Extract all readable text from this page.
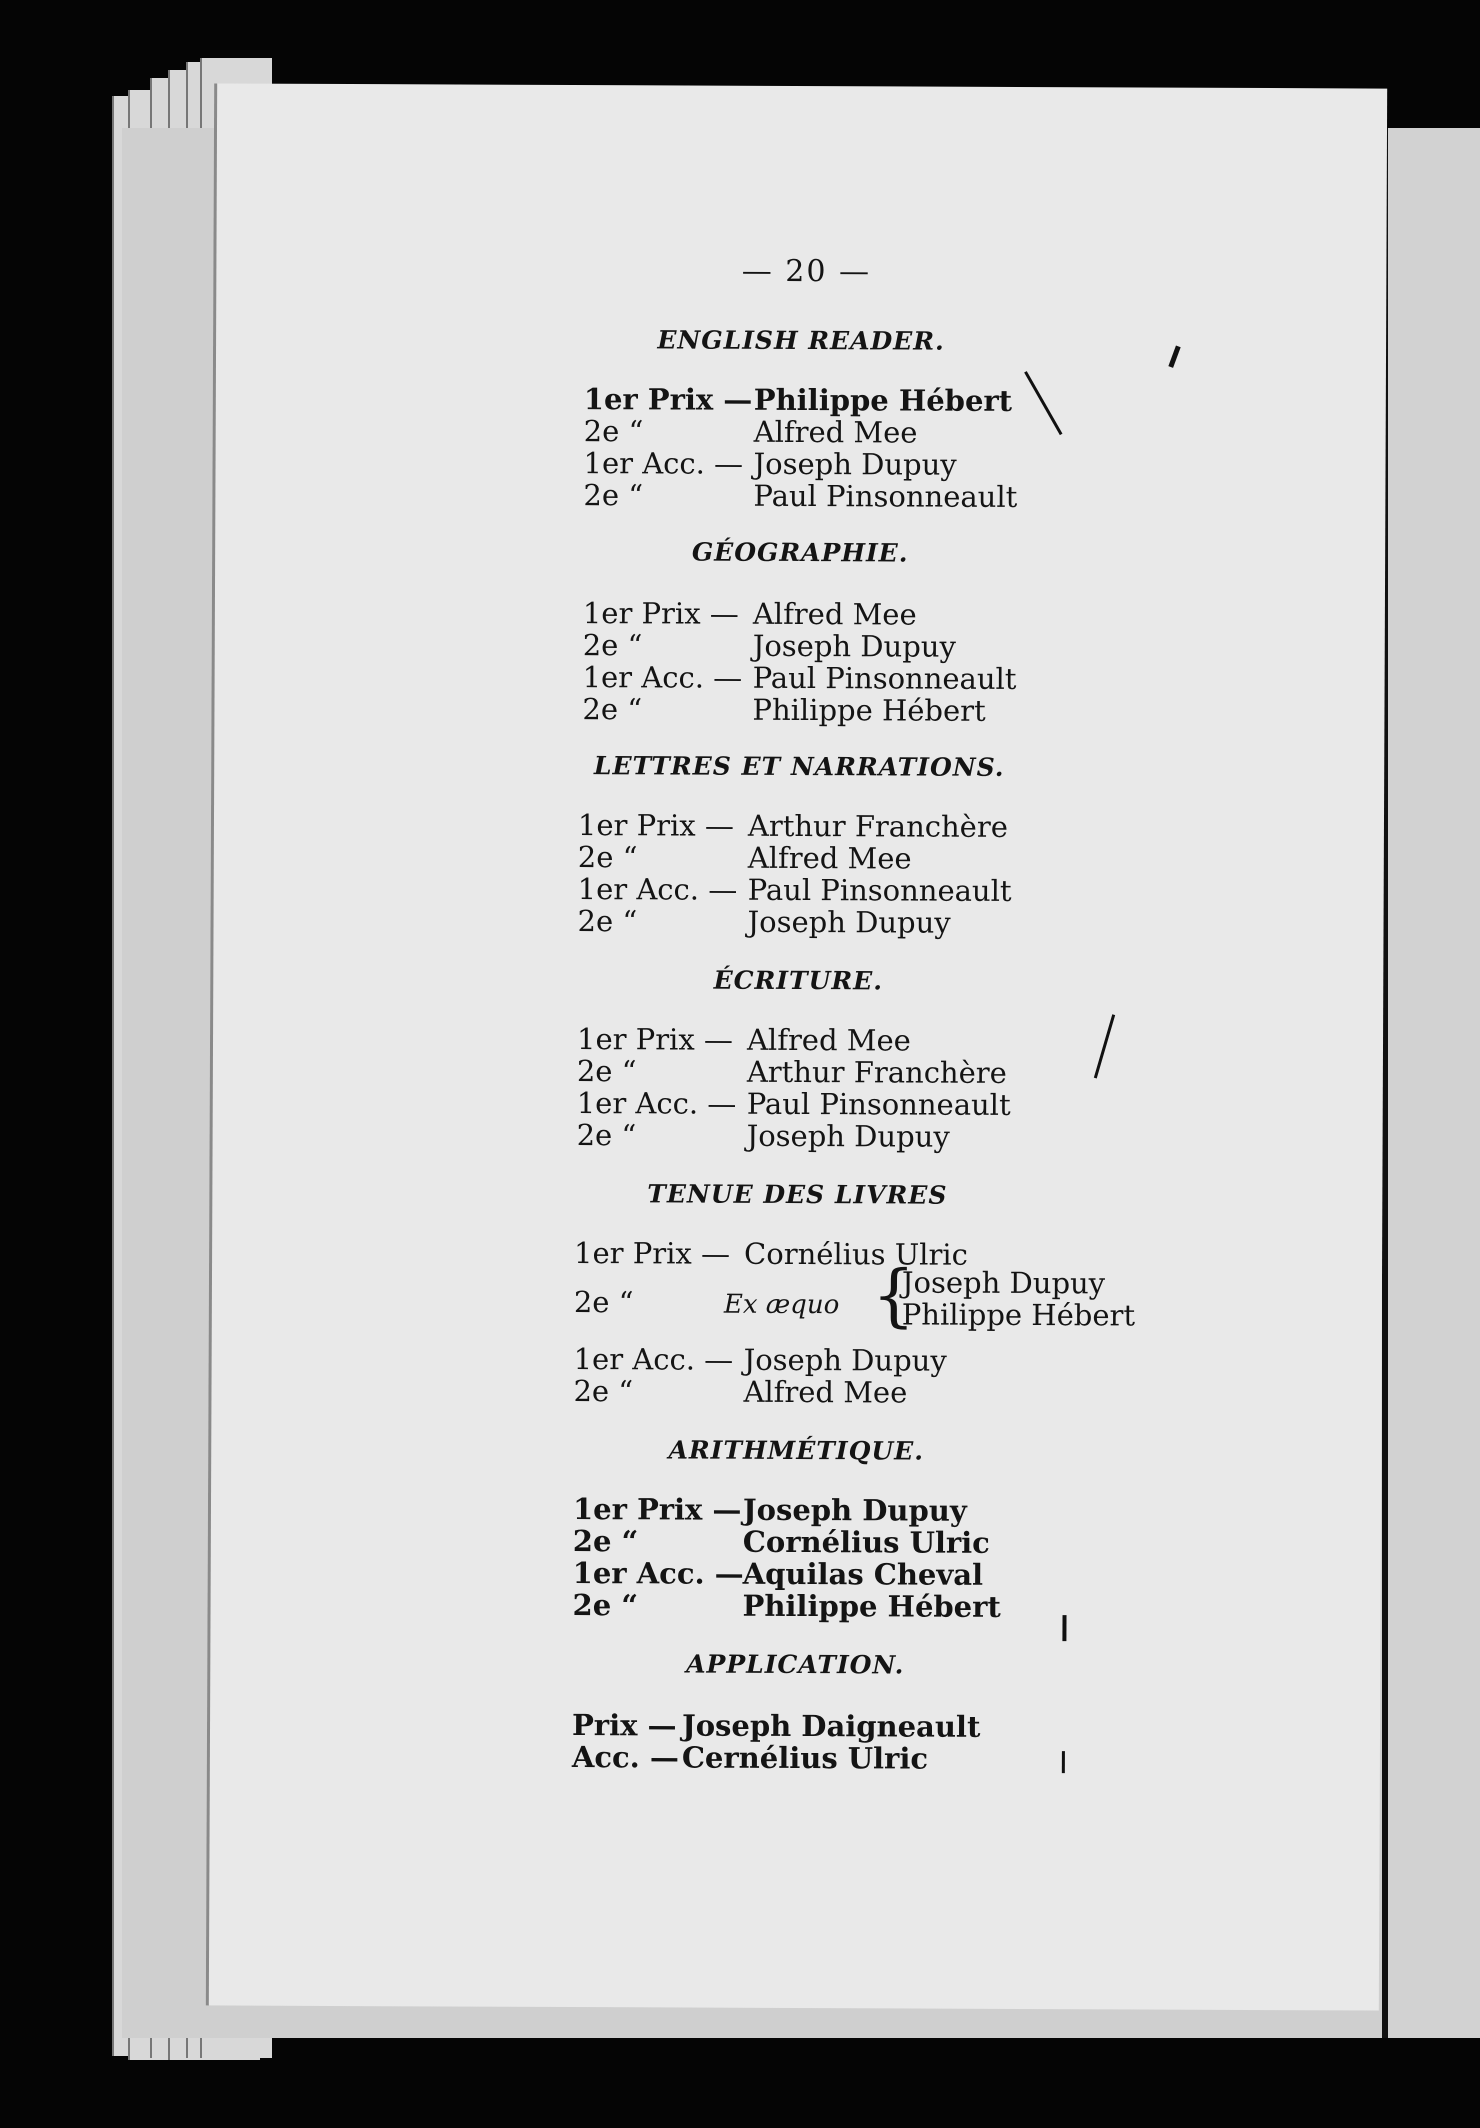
— 20 —
ENGLISH READER.
1er Prix —Philippe Hébert
2e “	Alfred Mee
1er Acc. — Joseph Dupuy
2e “	Paul Pinsonneault
GÉOGRAPHIE.
1er Prix — Alfred Mee
2e “	Joseph Dupuy
1er Acc. — Paul Pinsonneault
2e “	Philippe Hébert
LETTRES ET NARRATIONS.
1er Prix — Arthur Franchère
2e “	Alfred Mee
1er Acc. — Paul Pinsonneault
2e “	Joseph Dupuy
ÉCRITURE.
1er Prix — Alfred Mee
2e “	Arthur Franchère
1er Acc. — Paul Pinsonneault
2e “	Joseph Dupuy
TENUE DES LIVRES
1er Prix — Cornélius Ulric
2e “	Ex æquo {
Joseph Dupuy
Philippe Hébert
1er Acc. — Joseph Dupuy
2e “	Alfred Mee
ARITHMÉTIQUE.
1er Prix —Joseph Dupuy
2e “	Cornélius Ulric
1er Acc. —Aquilas Cheval
2e “	Philippe Hébert
APPLICATION.
Prix — Joseph Daigneault
Acc. —Cernélius Ulric
